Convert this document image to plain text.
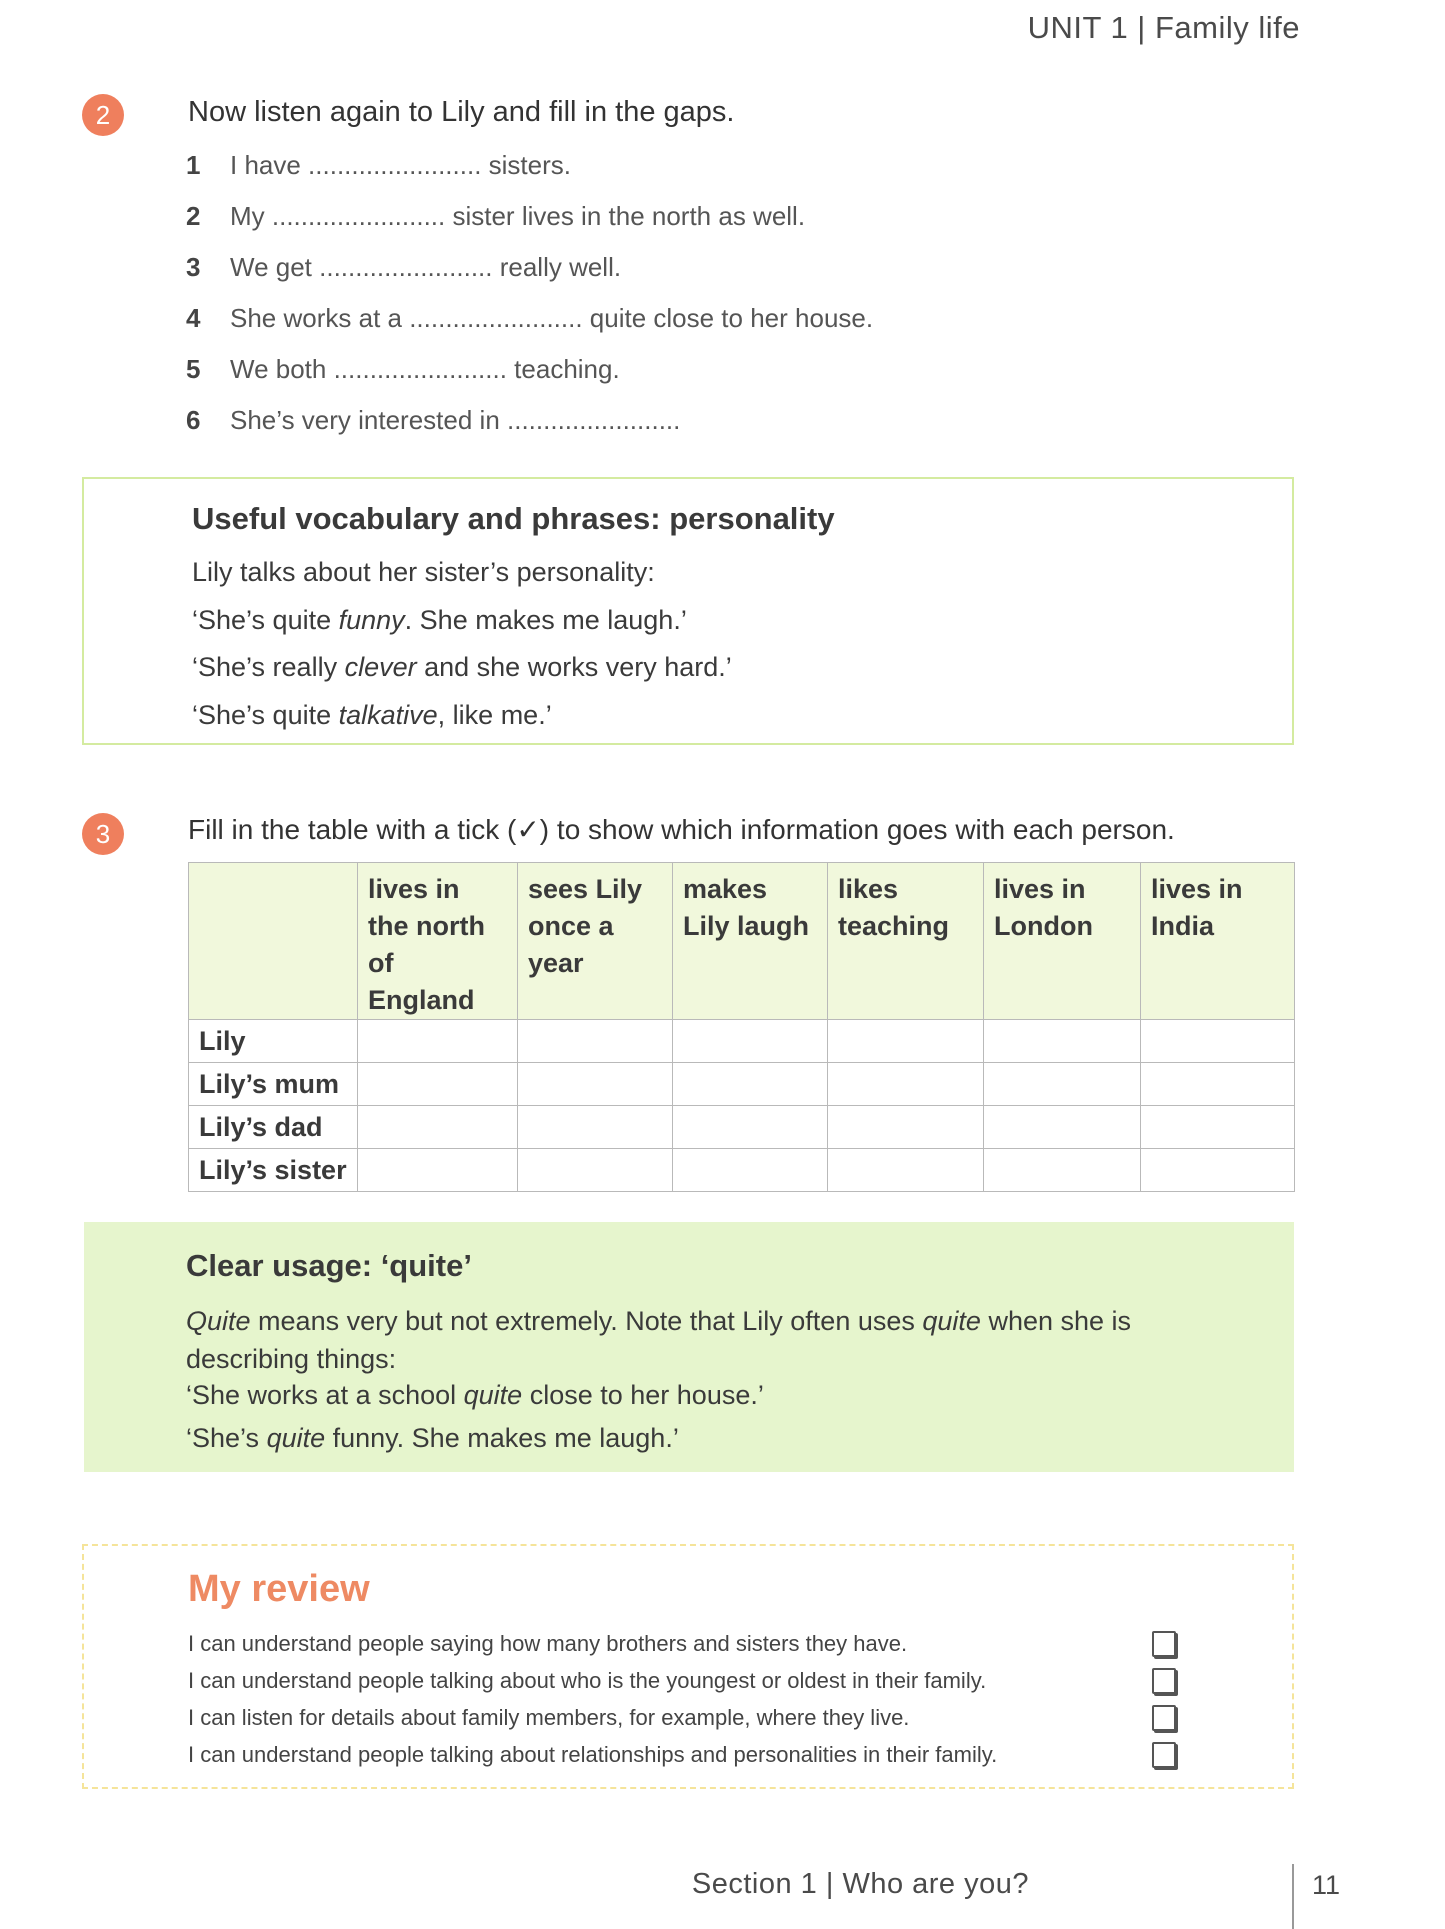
UNIT 1 | Family life
2	Now listen again to Lily and fill in the gaps.
1	I have ........................ sisters.
2	My ........................ sister lives in the north as well.
3	We get ........................ really well.
4	She works at a ........................ quite close to her house.
5	We both ........................ teaching.
6	She’s very interested in ........................
Useful vocabulary and phrases: personality
Lily talks about her sister’s personality:
‘She’s quite funny. She makes me laugh.’
‘She’s really clever and she works very hard.’
‘She’s quite talkative, like me.’
3	Fill in the table with a tick (✓) to show which information goes with each person.
	lives in the north of England	sees Lily once a year	makes Lily laugh	likes teaching	lives in London	lives in India
Lily						
Lily’s mum						
Lily’s dad						
Lily’s sister						
Clear usage: ‘quite’
Quite means very but not extremely. Note that Lily often uses quite when she is describing things:
‘She works at a school quite close to her house.’
‘She’s quite funny. She makes me laugh.’
My review
I can understand people saying how many brothers and sisters they have.
I can understand people talking about who is the youngest or oldest in their family.
I can listen for details about family members, for example, where they live.
I can understand people talking about relationships and personalities in their family.
Section 1 | Who are you?	11
